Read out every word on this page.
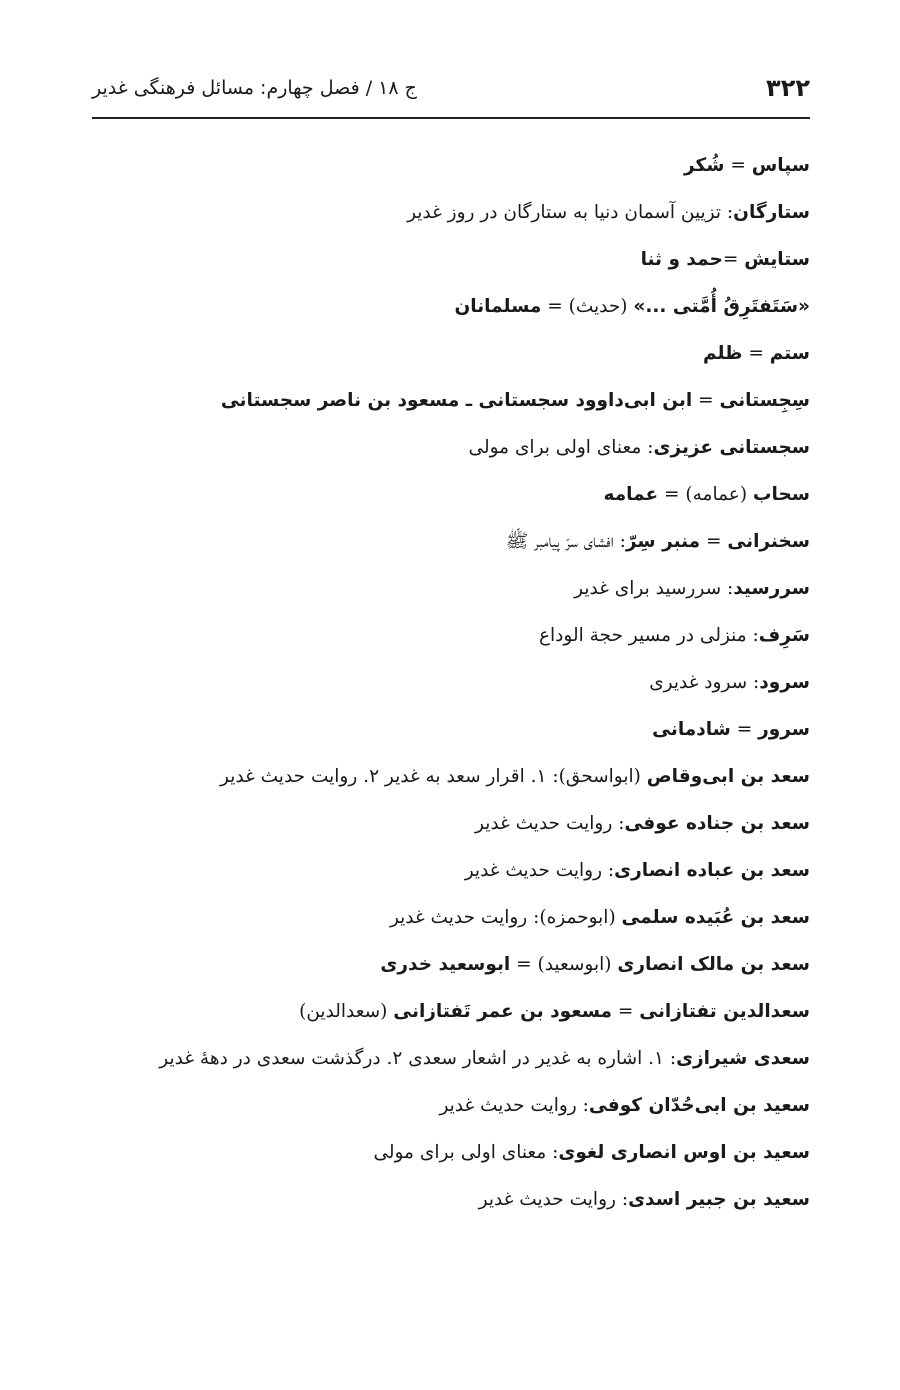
۳۲۲
ج ۱۸ / فصل چهارم: مسائل فرهنگی غدیر
سپاس = شُکر
ستارگان: تزیین آسمان دنیا به ستارگان در روز غدیر
ستایش =حمد و ثنا
«سَتَفتَرِقُ أُمَّتی ...» (حدیث) = مسلمانان
ستم = ظلم
سِجِستانی = ابن ابی‌داوود سجستانی ـ مسعود بن ناصر سجستانی
سجستانی عزیزی: معنای اولی برای مولی
سحاب (عمامه) = عمامه
سخنرانی = منبر سِرّ: افشای سرّ پیامبر ﷺ
سررسید: سررسید برای غدیر
سَرِف: منزلی در مسیر حجة الوداع
سرود: سرود غدیری
سرور = شادمانی
سعد بن ابی‌وقاص (ابواسحق): ۱. اقرار سعد به غدیر ۲. روایت حدیث غدیر
سعد بن جناده عوفی: روایت حدیث غدیر
سعد بن عباده انصاری: روایت حدیث غدیر
سعد بن عُبَیده سلمی (ابوحمزه): روایت حدیث غدیر
سعد بن مالک انصاری (ابوسعید) = ابوسعید خدری
سعدالدین تفتازانی = مسعود بن عمر تَفتازانی (سعدالدین)
سعدی شیرازی: ۱. اشاره به غدیر در اشعار سعدی ۲. درگذشت سعدی در دهۀ غدیر
سعید بن ابی‌حُدّان کوفی: روایت حدیث غدیر
سعید بن اوس انصاری لغوی: معنای اولی برای مولی
سعید بن جبیر اسدی: روایت حدیث غدیر
